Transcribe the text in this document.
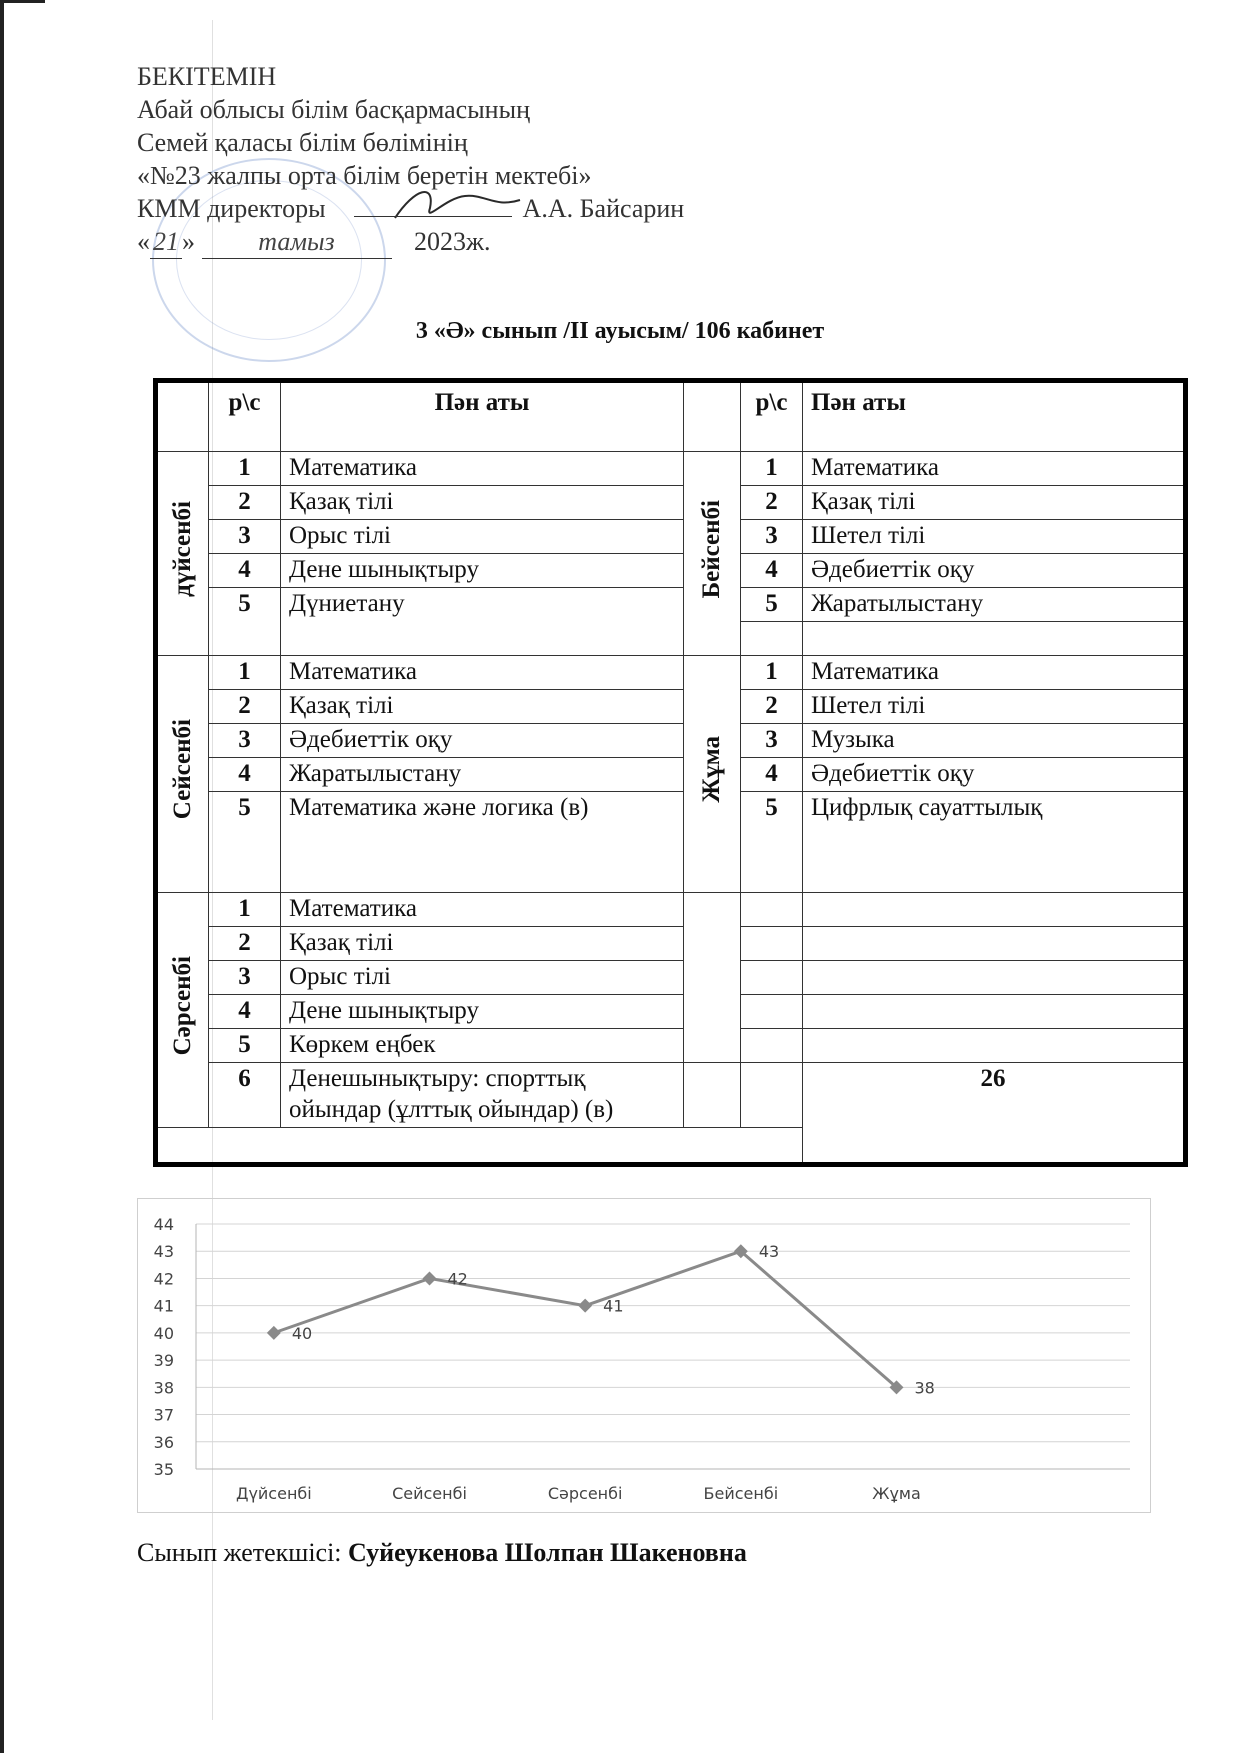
БЕКІТЕМІН
Абай облысы білім басқармасының
Семей қаласы білім бөлімінің
«№23 жалпы орта білім беретін мектебі»
КММ директоры	А.А. Байсарин
« 21 » тамыз	2023ж.
3 «Ә» сынып /II ауысым/ 106 кабинет
	р\с	Пән аты		р\с	Пән аты
дүйсенбі	1	Математика	Бейсенбі	1	Математика
	2	Қазақ тілі		2	Қазақ тілі
	3	Орыс тілі		3	Шетел тілі
	4	Дене шынықтыру		4	Әдебиеттік оқу
	5	Дүниетану		5	Жаратылыстану

Сейсенбі	1	Математика	Жұма	1	Математика
	2	Қазақ тілі		2	Шетел тілі
	3	Әдебиеттік оқу		3	Музыка
	4	Жаратылыстану		4	Әдебиеттік оқу
	5	Математика және логика (в)		5	Цифрлық сауаттылық
Сәрсенбі	1	Математика			
	2	Қазақ тілі			
	3	Орыс тілі			
	4	Дене шынықтыру			
	5	Көркем еңбек			
	6	Денешынықтыру: спорттық ойындар (ұлттық ойындар) (в)			26

35
36
37
38
39
40
41
42
43
44
Дүйсенбі	Сейсенбі	Сәрсенбі	Бейсенбі	Жұма
40
42
41
43
38
Сынып жетекшісі: Суйеукенова Шолпан Шакеновна
